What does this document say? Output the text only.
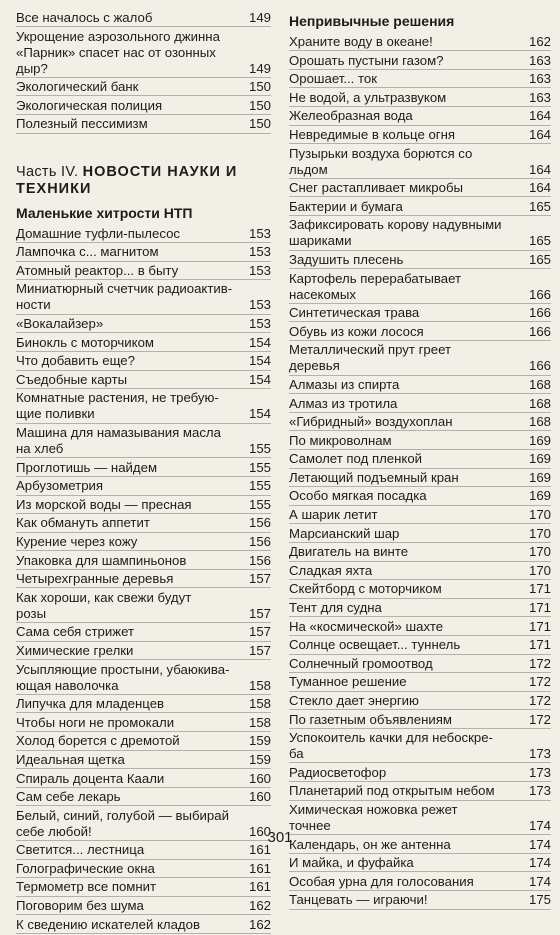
Все началось с жалоб	149
Укрощение аэрозольного джинна
«Парник» спасет нас от озонных
дыр?	149
Экологический банк	150
Экологическая полиция	150
Полезный пессимизм	150
Часть IV. НОВОСТИ НАУКИ И ТЕХНИКИ
Маленькие хитрости НТП
Домашние туфли-пылесос	153
Лампочка с... магнитом	153
Атомный реактор... в быту	153
Миниатюрный счетчик радиоактив-
ности	153
«Вокалайзер»	153
Бинокль с моторчиком	154
Что добавить еще?	154
Съедобные карты	154
Комнатные растения, не требую-
щие поливки	154
Машина для намазывания масла
на хлеб	155
Проглотишь — найдем	155
Арбузометрия	155
Из морской воды — пресная	155
Как обмануть аппетит	156
Курение через кожу	156
Упаковка для шампиньонов	156
Четырехгранные деревья	157
Как хороши, как свежи будут
розы	157
Сама себя стрижет	157
Химические грелки	157
Усыпляющие простыни, убаюкива-
ющая наволочка	158
Липучка для младенцев	158
Чтобы ноги не промокали	158
Холод борется с дремотой	159
Идеальная щетка	159
Спираль доцента Каали	160
Сам себе лекарь	160
Белый, синий, голубой — выбирай
себе любой!	160
Светится... лестница	161
Голографические окна	161
Термометр все помнит	161
Поговорим без шума	162
К сведению искателей кладов	162
Непривычные решения
Храните воду в океане!	162
Орошать пустыни газом?	163
Орошает... ток	163
Не водой, а ультразвуком	163
Желеобразная вода	164
Невредимые в кольце огня	164
Пузырьки воздуха борются со
льдом	164
Снег растапливает микробы	164
Бактерии и бумага	165
Зафиксировать корову надувными
шариками	165
Задушить плесень	165
Картофель перерабатывает
насекомых	166
Синтетическая трава	166
Обувь из кожи лосося	166
Металлический прут греет
деревья	166
Алмазы из спирта	168
Алмаз из тротила	168
«Гибридный» воздухоплан	168
По микроволнам	169
Самолет под пленкой	169
Летающий подъемный кран	169
Особо мягкая посадка	169
А шарик летит	170
Марсианский шар	170
Двигатель на винте	170
Сладкая яхта	170
Скейтборд с моторчиком	171
Тент для судна	171
На «космической» шахте	171
Солнце освещает... туннель	171
Солнечный громоотвод	172
Туманное решение	172
Стекло дает энергию	172
По газетным объявлениям	172
Успокоитель качки для небоскре-
ба	173
Радиосветофор	173
Планетарий под открытым небом	173
Химическая ножовка режет
точнее	174
Календарь, он же антенна	174
И майка, и фуфайка	174
Особая урна для голосования	174
Танцевать — играючи!	175
301
